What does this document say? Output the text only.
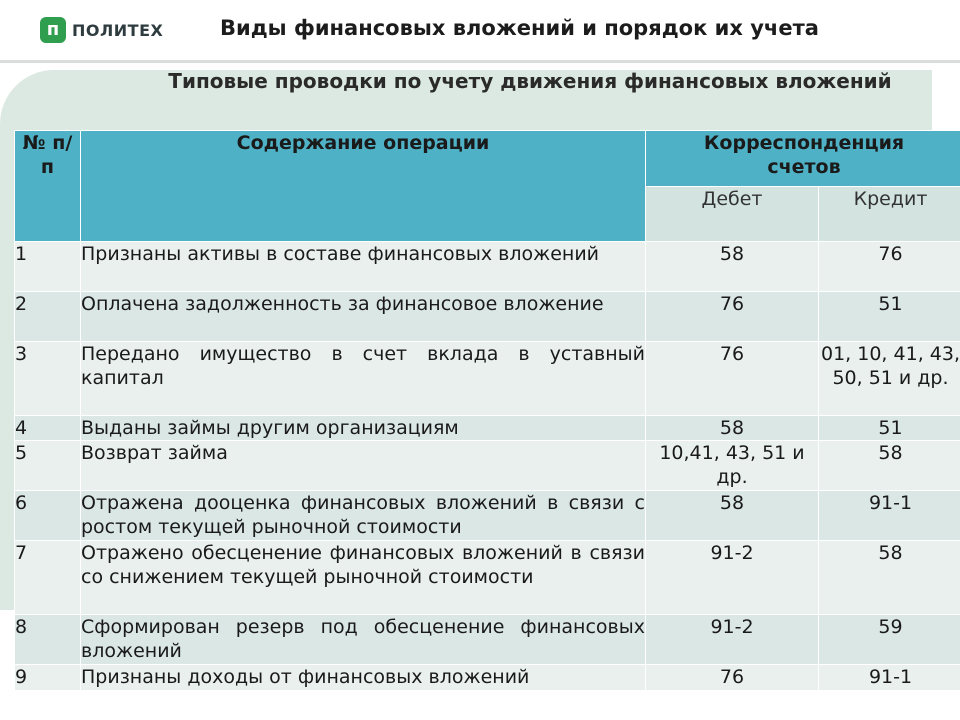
п ПОЛИТЕХ	Виды финансовых вложений и порядок их учета
Типовые проводки по учету движения финансовых вложений
№ п/п	Содержание операции	Корреспонденция счетов	
		Дебет	Кредит
1	Признаны активы в составе финансовых вложений	58	76
2	Оплачена задолженность за финансовое вложение	76	51
3	Передано имущество в счет вклада в уставный капитал	76	01, 10, 41, 43, 50, 51 и др.
4	Выданы займы другим организациям	58	51
5	Возврат займа	10,41, 43, 51 и др.	58
6	Отражена дооценка финансовых вложений в связи с ростом текущей рыночной стоимости	58	91-1
7	Отражено обесценение финансовых вложений в связи со снижением текущей рыночной стоимости	91-2	58
8	Сформирован резерв под обесценение финансовых вложений	91-2	59
9	Признаны доходы от финансовых вложений	76	91-1
